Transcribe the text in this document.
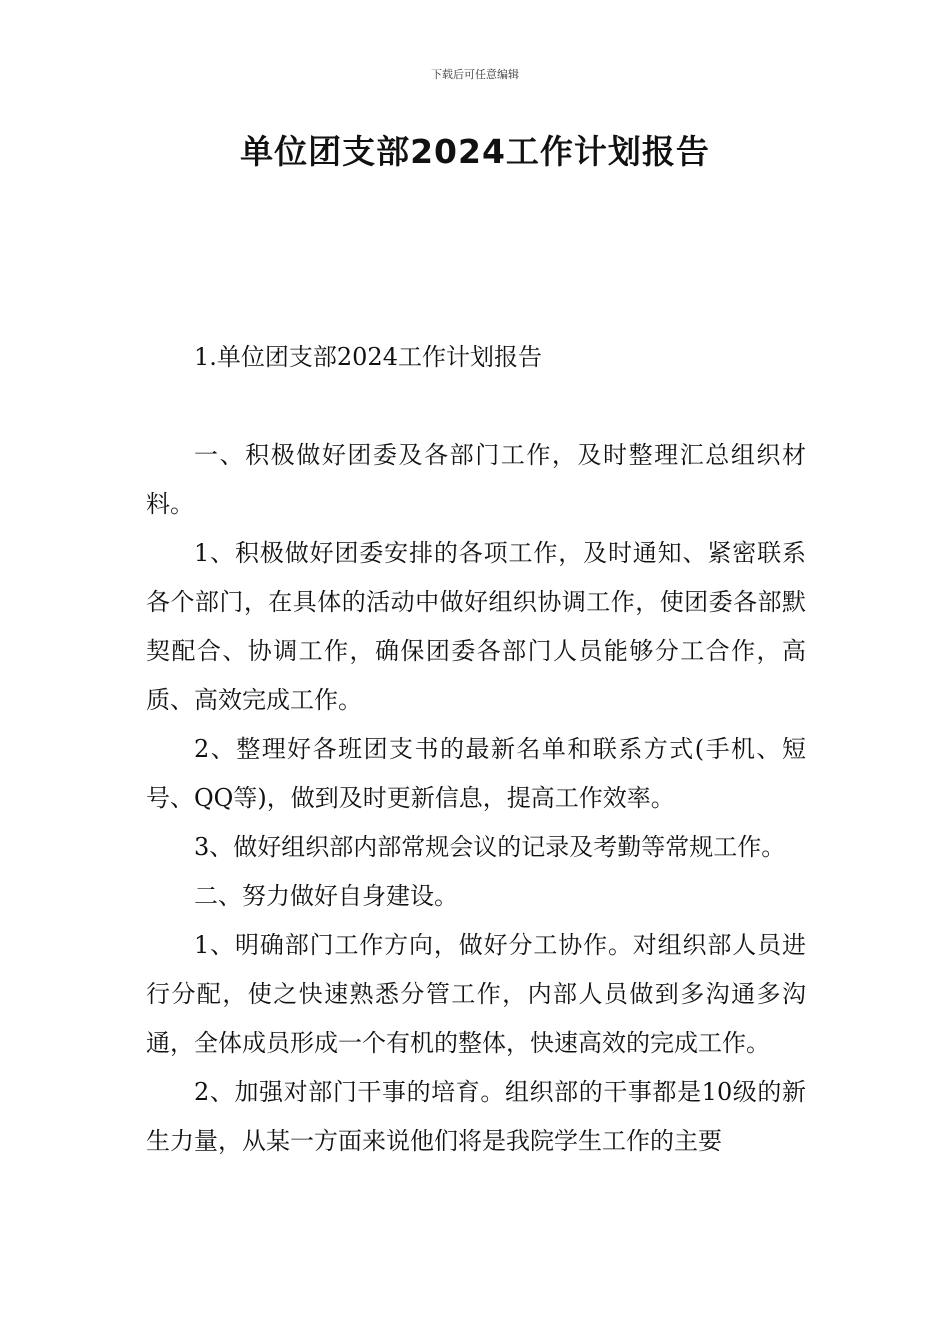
下载后可任意编辑
单位团支部2024工作计划报告

1.单位团支部2024工作计划报告

一、积极做好团委及各部门工作，及时整理汇总组织材料。

1、积极做好团委安排的各项工作，及时通知、紧密联系各个部门，在具体的活动中做好组织协调工作，使团委各部默契配合、协调工作，确保团委各部门人员能够分工合作，高质、高效完成工作。

2、整理好各班团支书的最新名单和联系方式(手机、短号、QQ等)，做到及时更新信息，提高工作效率。

3、做好组织部内部常规会议的记录及考勤等常规工作。

二、努力做好自身建设。

1、明确部门工作方向，做好分工协作。对组织部人员进行分配，使之快速熟悉分管工作，内部人员做到多沟通多沟通，全体成员形成一个有机的整体，快速高效的完成工作。

2、加强对部门干事的培育。组织部的干事都是10级的新生力量，从某一方面来说他们将是我院学生工作的主要
